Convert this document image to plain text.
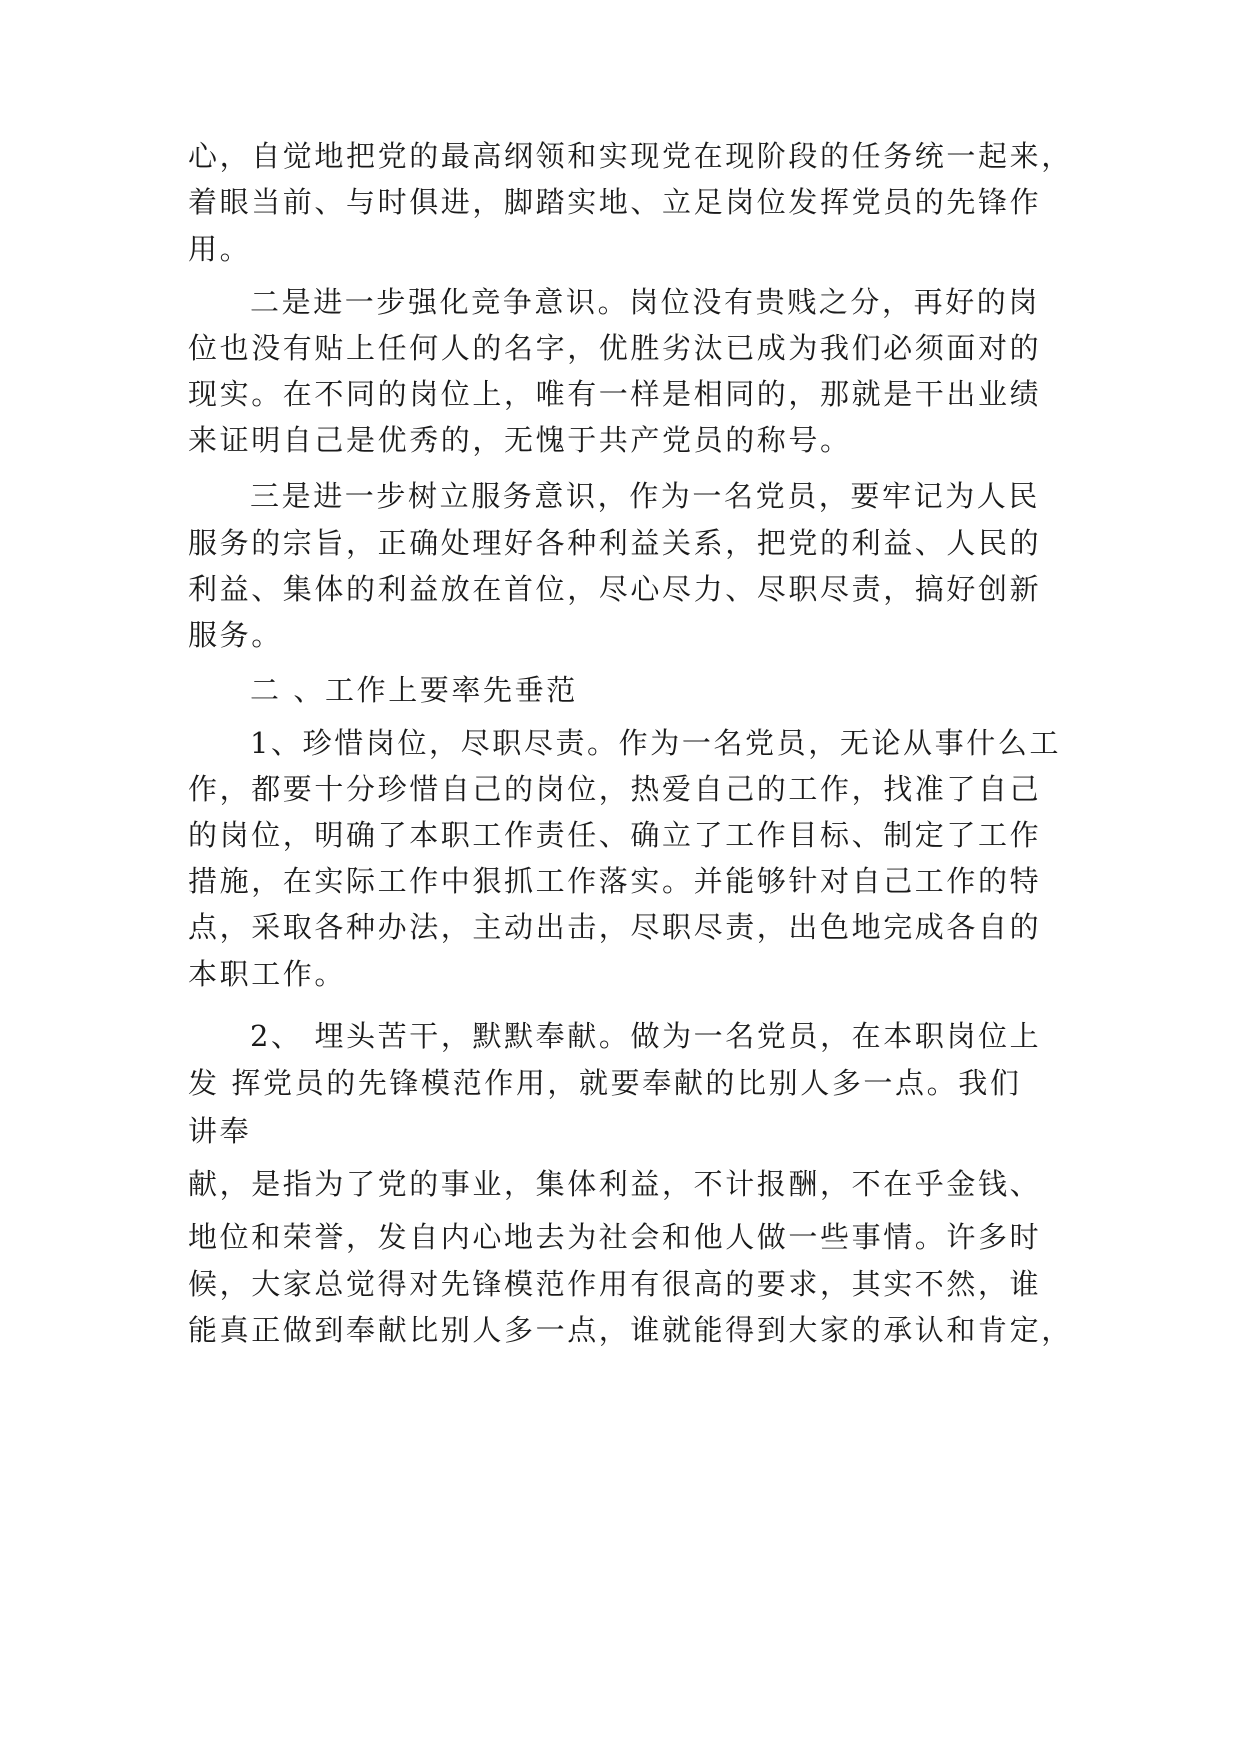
心，自觉地把党的最高纲领和实现党在现阶段的任务统一起来，
着眼当前、与时俱进，脚踏实地、立足岗位发挥党员的先锋作
用。
二是进一步强化竞争意识。岗位没有贵贱之分，再好的岗
位也没有贴上任何人的名字，优胜劣汰已成为我们必须面对的
现实。在不同的岗位上，唯有一样是相同的，那就是干出业绩
来证明自己是优秀的，无愧于共产党员的称号。
三是进一步树立服务意识，作为一名党员，要牢记为人民
服务的宗旨，正确处理好各种利益关系，把党的利益、人民的
利益、集体的利益放在首位，尽心尽力、尽职尽责，搞好创新
服务。
二 、工作上要率先垂范
1、珍惜岗位，尽职尽责。作为一名党员，无论从事什么工
作，都要十分珍惜自己的岗位，热爱自己的工作，找准了自己
的岗位，明确了本职工作责任、确立了工作目标、制定了工作
措施，在实际工作中狠抓工作落实。并能够针对自己工作的特
点，采取各种办法，主动出击，尽职尽责，出色地完成各自的
本职工作。
2、 埋头苦干，默默奉献。做为一名党员，在本职岗位上
发 挥党员的先锋模范作用，就要奉献的比别人多一点。我们
讲奉
献，是指为了党的事业，集体利益，不计报酬，不在乎金钱、
地位和荣誉，发自内心地去为社会和他人做一些事情。许多时
候，大家总觉得对先锋模范作用有很高的要求，其实不然，谁
能真正做到奉献比别人多一点，谁就能得到大家的承认和肯定，
